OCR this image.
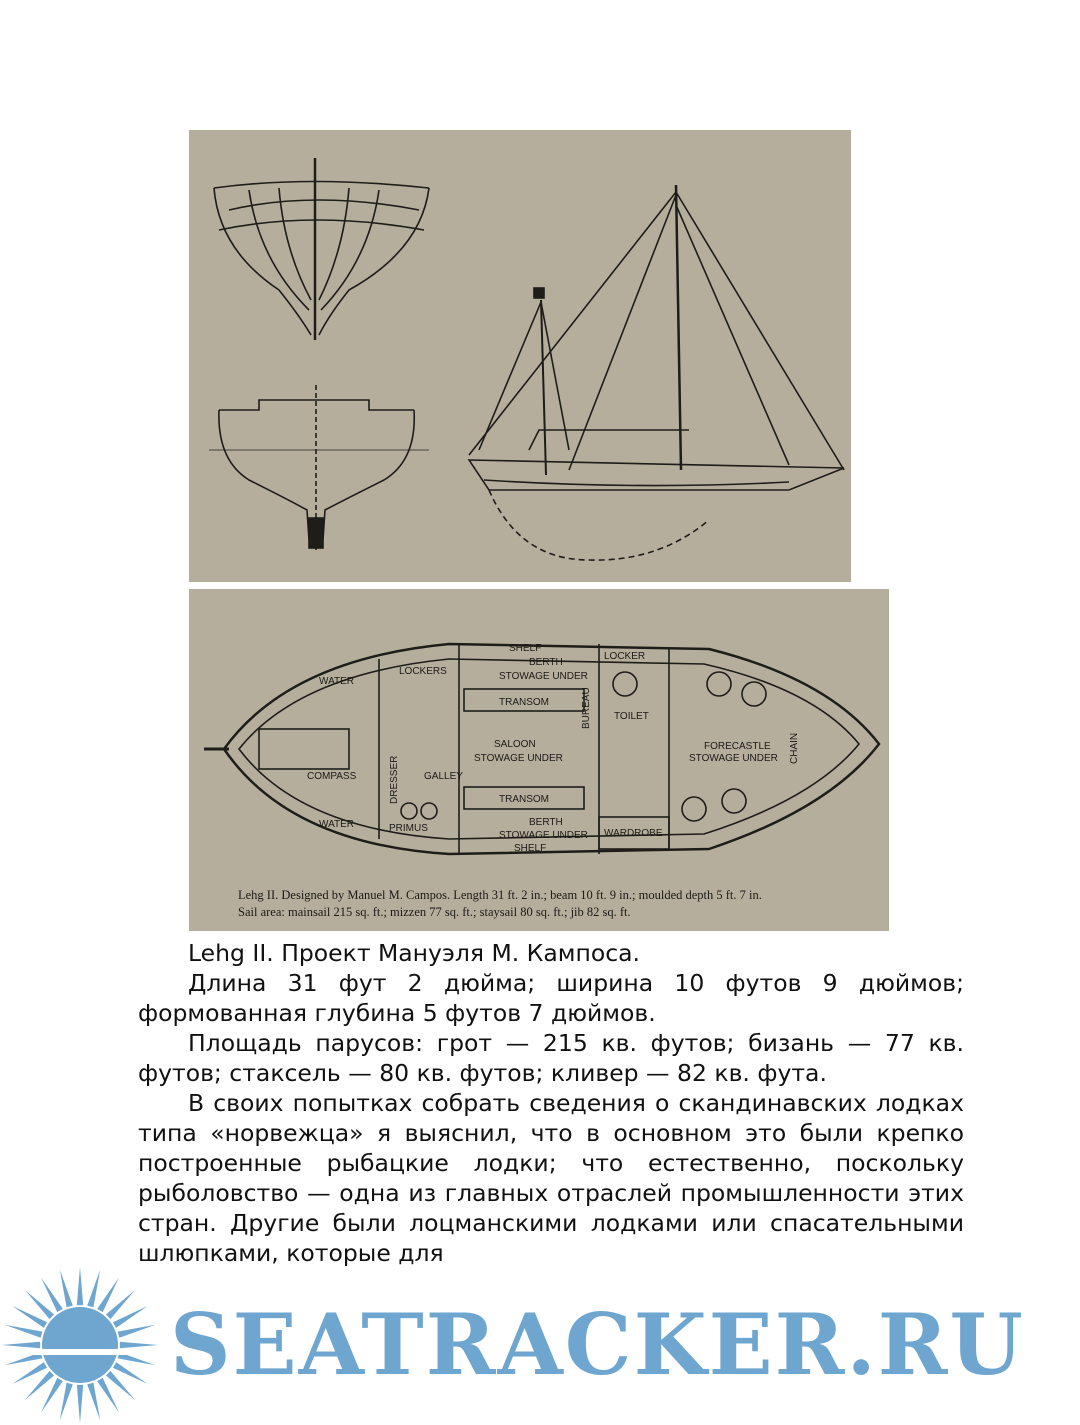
WATER
WATER
LOCKERS
SHELF
BERTH
STOWAGE UNDER
TRANSOM
LOCKER
BUREAU TOILET
SALOON
STOWAGE UNDER
FORECASTLE
STOWAGE UNDER CHAIN
COMPASS	DRESSER GALLEY
TRANSOM
BERTH
STOWAGE UNDER
SHELF
PRIMUS	WARDROBE
Lehg II. Designed by Manuel M. Campos. Length 31 ft. 2 in.; beam 10 ft. 9 in.; moulded depth 5 ft. 7 in.
Sail area: mainsail 215 sq. ft.; mizzen 77 sq. ft.; staysail 80 sq. ft.; jib 82 sq. ft.

Lehg II. Проект Мануэля М. Кампоса.

Длина 31 фут 2 дюйма; ширина 10 футов 9 дюймов; формованная глубина 5 футов 7 дюймов.

Площадь парусов: грот — 215 кв. футов; бизань — 77 кв. футов; стаксель — 80 кв. футов; кливер — 82 кв. фута.

В своих попытках собрать сведения о скандинавских лодках типа «норвежца» я выяснил, что в основном это были крепко построенные рыбацкие лодки; что естественно, поскольку рыболовство — одна из главных отраслей промышленности этих стран. Другие были лоцманскими лодками или спасательными шлюпками, которые для

SEATRACKER.RU
